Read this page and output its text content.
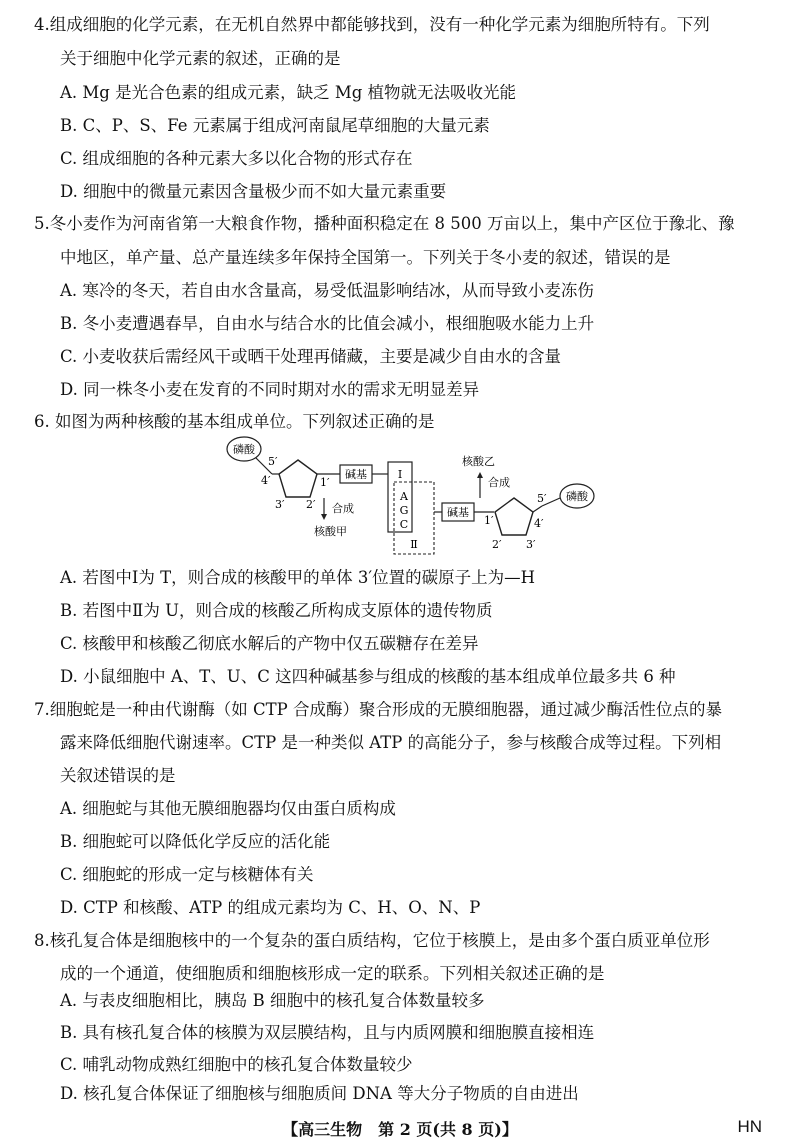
4.组成细胞的化学元素，在无机自然界中都能够找到，没有一种化学元素为细胞所特有。下列
关于细胞中化学元素的叙述，正确的是
A. Mg 是光合色素的组成元素，缺乏 Mg 植物就无法吸收光能
B. C、P、S、Fe 元素属于组成河南鼠尾草细胞的大量元素
C. 组成细胞的各种元素大多以化合物的形式存在
D. 细胞中的微量元素因含量极少而不如大量元素重要
5.冬小麦作为河南省第一大粮食作物，播种面积稳定在 8 500 万亩以上，集中产区位于豫北、豫
中地区，单产量、总产量连续多年保持全国第一。下列关于冬小麦的叙述，错误的是
A. 寒冷的冬天，若自由水含量高，易受低温影响结冰，从而导致小麦冻伤
B. 冬小麦遭遇春旱，自由水与结合水的比值会减小，根细胞吸水能力上升
C. 小麦收获后需经风干或晒干处理再储藏，主要是减少自由水的含量
D. 同一株冬小麦在发育的不同时期对水的需求无明显差异
6. 如图为两种核酸的基本组成单位。下列叙述正确的是
磷酸
5′
4′	1′
3′ 2′
碱基
合成
核酸甲
Ⅰ
A
G
C
Ⅱ
碱基
1′	4′
2′ 3′
5′ 磷酸
合成
核酸乙
A. 若图中Ⅰ为 T，则合成的核酸甲的单体 3′位置的碳原子上为—H
B. 若图中Ⅱ为 U，则合成的核酸乙所构成支原体的遗传物质
C. 核酸甲和核酸乙彻底水解后的产物中仅五碳糖存在差异
D. 小鼠细胞中 A、T、U、C 这四种碱基参与组成的核酸的基本组成单位最多共 6 种
7.细胞蛇是一种由代谢酶（如 CTP 合成酶）聚合形成的无膜细胞器，通过减少酶活性位点的暴
露来降低细胞代谢速率。CTP 是一种类似 ATP 的高能分子，参与核酸合成等过程。下列相
关叙述错误的是
A. 细胞蛇与其他无膜细胞器均仅由蛋白质构成
B. 细胞蛇可以降低化学反应的活化能
C. 细胞蛇的形成一定与核糖体有关
D. CTP 和核酸、ATP 的组成元素均为 C、H、O、N、P
8.核孔复合体是细胞核中的一个复杂的蛋白质结构，它位于核膜上，是由多个蛋白质亚单位形
成的一个通道，使细胞质和细胞核形成一定的联系。下列相关叙述正确的是
A. 与表皮细胞相比，胰岛 B 细胞中的核孔复合体数量较多
B. 具有核孔复合体的核膜为双层膜结构，且与内质网膜和细胞膜直接相连
C. 哺乳动物成熟红细胞中的核孔复合体数量较少
【高三生物　第 2 页(共 8 页)】	HN
D. 核孔复合体保证了细胞核与细胞质间 DNA 等大分子物质的自由进出
